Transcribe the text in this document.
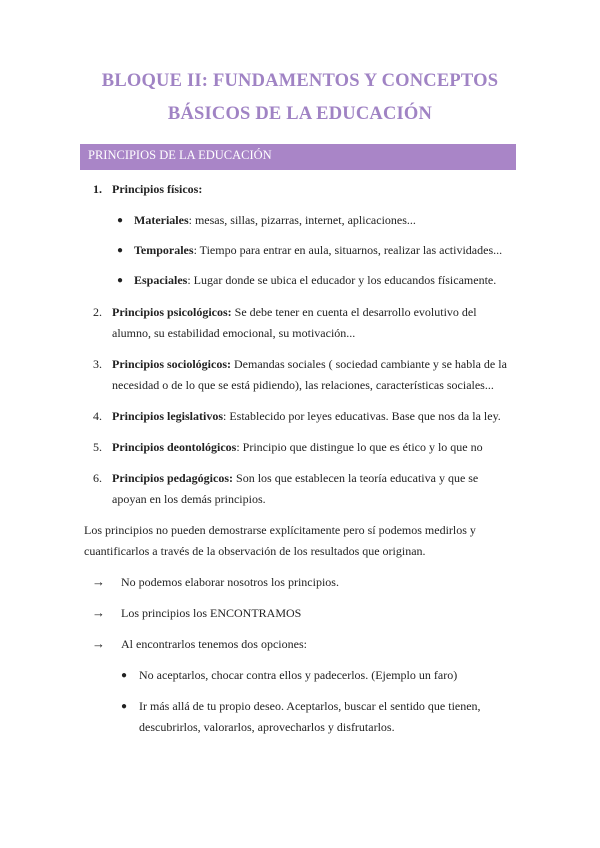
BLOQUE II: FUNDAMENTOS Y CONCEPTOS
BÁSICOS DE LA EDUCACIÓN
PRINCIPIOS DE LA EDUCACIÓN
1. Principios físicos:
● Materiales: mesas, sillas, pizarras, internet, aplicaciones...
● Temporales: Tiempo para entrar en aula, situarnos, realizar las actividades...
● Espaciales: Lugar donde se ubica el educador y los educandos físicamente.
2. Principios psicológicos: Se debe tener en cuenta el desarrollo evolutivo del
alumno, su estabilidad emocional, su motivación...
3. Principios sociológicos: Demandas sociales ( sociedad cambiante y se habla de la
necesidad o de lo que se está pidiendo), las relaciones, características sociales...
4. Principios legislativos: Establecido por leyes educativas. Base que nos da la ley.
5. Principios deontológicos: Principio que distingue lo que es ético y lo que no
6. Principios pedagógicos: Son los que establecen la teoría educativa y que se
apoyan en los demás principios.
Los principios no pueden demostrarse explícitamente pero sí podemos medirlos y
cuantificarlos a través de la observación de los resultados que originan.
→ No podemos elaborar nosotros los principios.
→ Los principios los ENCONTRAMOS
→ Al encontrarlos tenemos dos opciones:
● No aceptarlos, chocar contra ellos y padecerlos. (Ejemplo un faro)
● Ir más allá de tu propio deseo. Aceptarlos, buscar el sentido que tienen,
descubrirlos, valorarlos, aprovecharlos y disfrutarlos.
